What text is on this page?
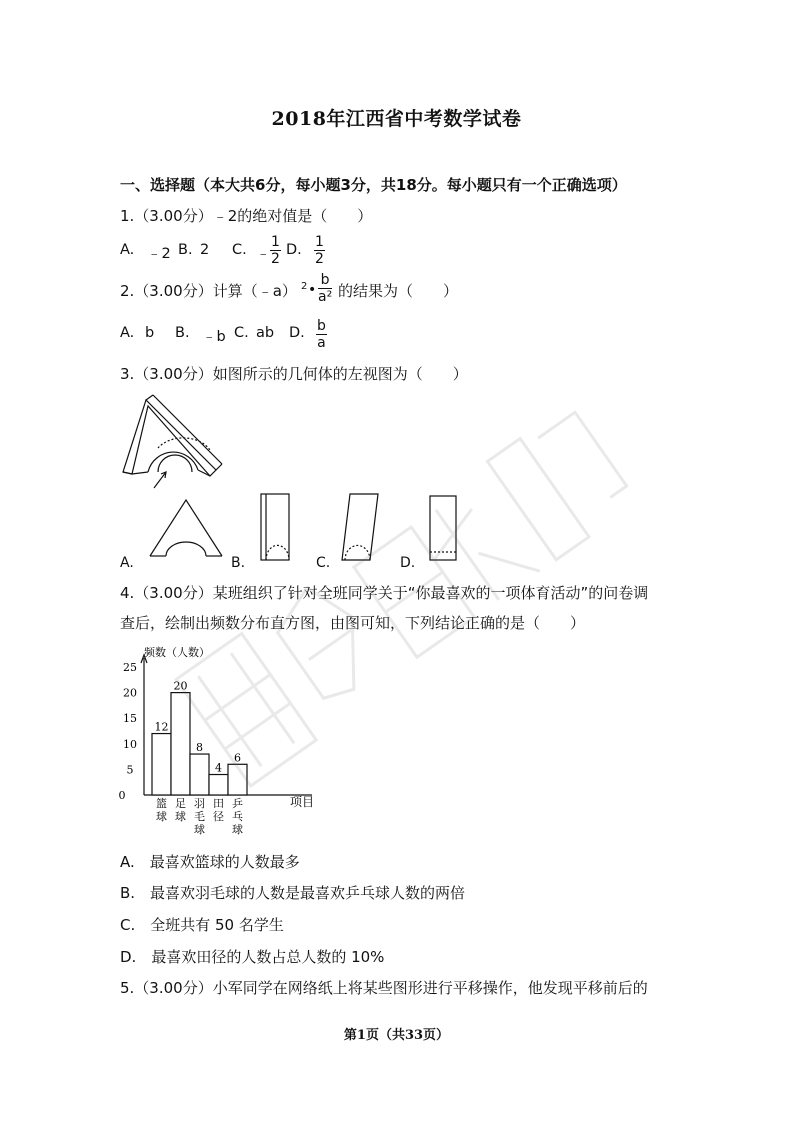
2018年江西省中考数学试卷
一、选择题（本大共6分，每小题3分，共18分。每小题只有一个正确选项）
1.（3.00分）﹣2的绝对值是（　　）
A. ﹣2 B. 2 C. ﹣ $\frac{1}{2} D$. $\frac{1}{2}$
2.（3.00分）计算（﹣a） 2 • $\frac{b}{\text{a²}}$ 的结果为（　　）
A. b B. ﹣b C. ab D. $\frac{b}{a}$
3.（3.00分）如图所示的几何体的左视图为（　　）
A.	B.	C.	D.
4.（3.00分）某班组织了针对全班同学关于“你最喜欢的一项体育活动”的问卷调
查后，绘制出频数分布直方图，由图可知，下列结论正确的是（　　）
频数（人数）
项目
0
5
10
15
20
25
12
20
8
4
6
篮
球
足
球
羽
毛
球
田
径
乒
乓
球
A.　最喜欢篮球的人数最多
B.　最喜欢羽毛球的人数是最喜欢乒乓球人数的两倍
C.　全班共有 50 名学生
D.　最喜欢田径的人数占总人数的 10%
5.（3.00分）小军同学在网络纸上将某些图形进行平移操作，他发现平移前后的
第1页（共33页）
